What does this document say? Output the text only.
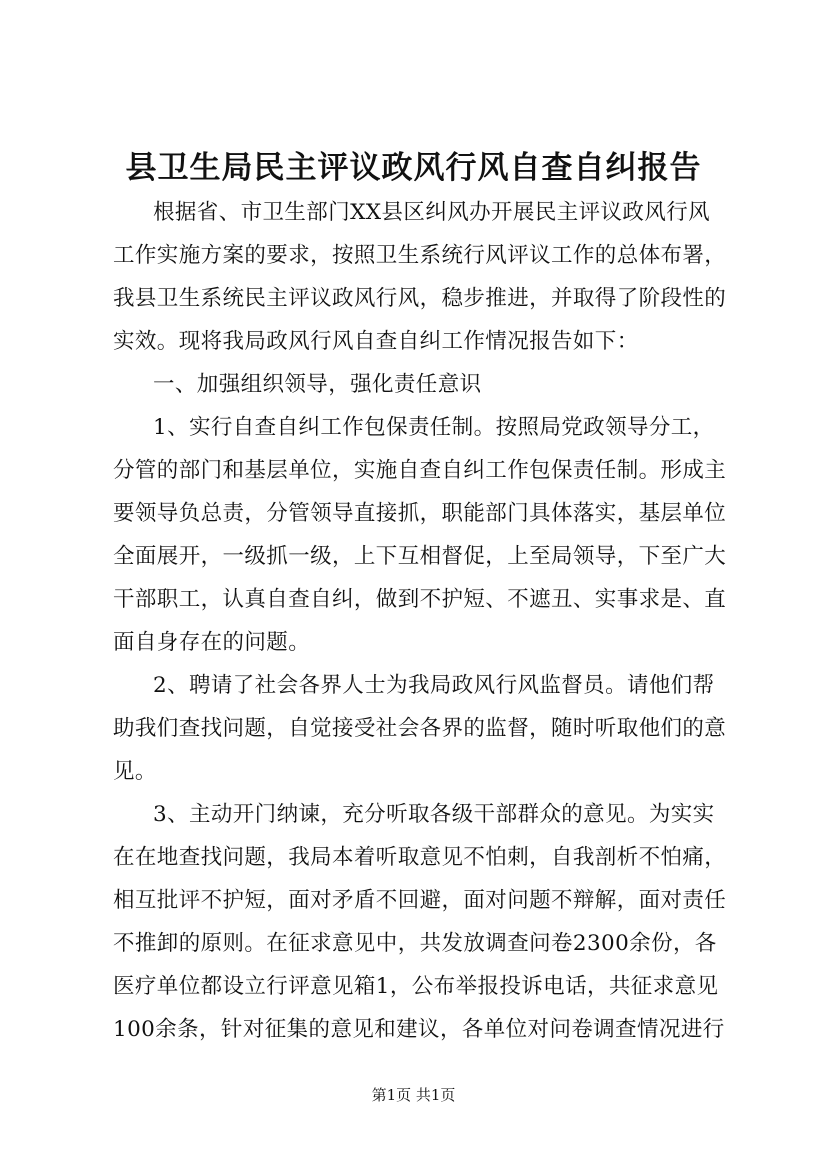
县卫生局民主评议政风行风自查自纠报告
根据省、市卫生部门XX县区纠风办开展民主评议政风行风
工作实施方案的要求，按照卫生系统行风评议工作的总体布署，
我县卫生系统民主评议政风行风，稳步推进，并取得了阶段性的
实效。现将我局政风行风自查自纠工作情况报告如下：
一、加强组织领导，强化责任意识
1、实行自查自纠工作包保责任制。按照局党政领导分工，
分管的部门和基层单位，实施自查自纠工作包保责任制。形成主
要领导负总责，分管领导直接抓，职能部门具体落实，基层单位
全面展开，一级抓一级，上下互相督促，上至局领导，下至广大
干部职工，认真自查自纠，做到不护短、不遮丑、实事求是、直
面自身存在的问题。
2、聘请了社会各界人士为我局政风行风监督员。请他们帮
助我们查找问题，自觉接受社会各界的监督，随时听取他们的意
见。
3、主动开门纳谏，充分听取各级干部群众的意见。为实实
在在地查找问题，我局本着听取意见不怕刺，自我剖析不怕痛，
相互批评不护短，面对矛盾不回避，面对问题不辩解，面对责任
不推卸的原则。在征求意见中，共发放调查问卷2300余份，各
医疗单位都设立行评意见箱1，公布举报投诉电话，共征求意见
100余条，针对征集的意见和建议，各单位对问卷调查情况进行
第1页 共1页
